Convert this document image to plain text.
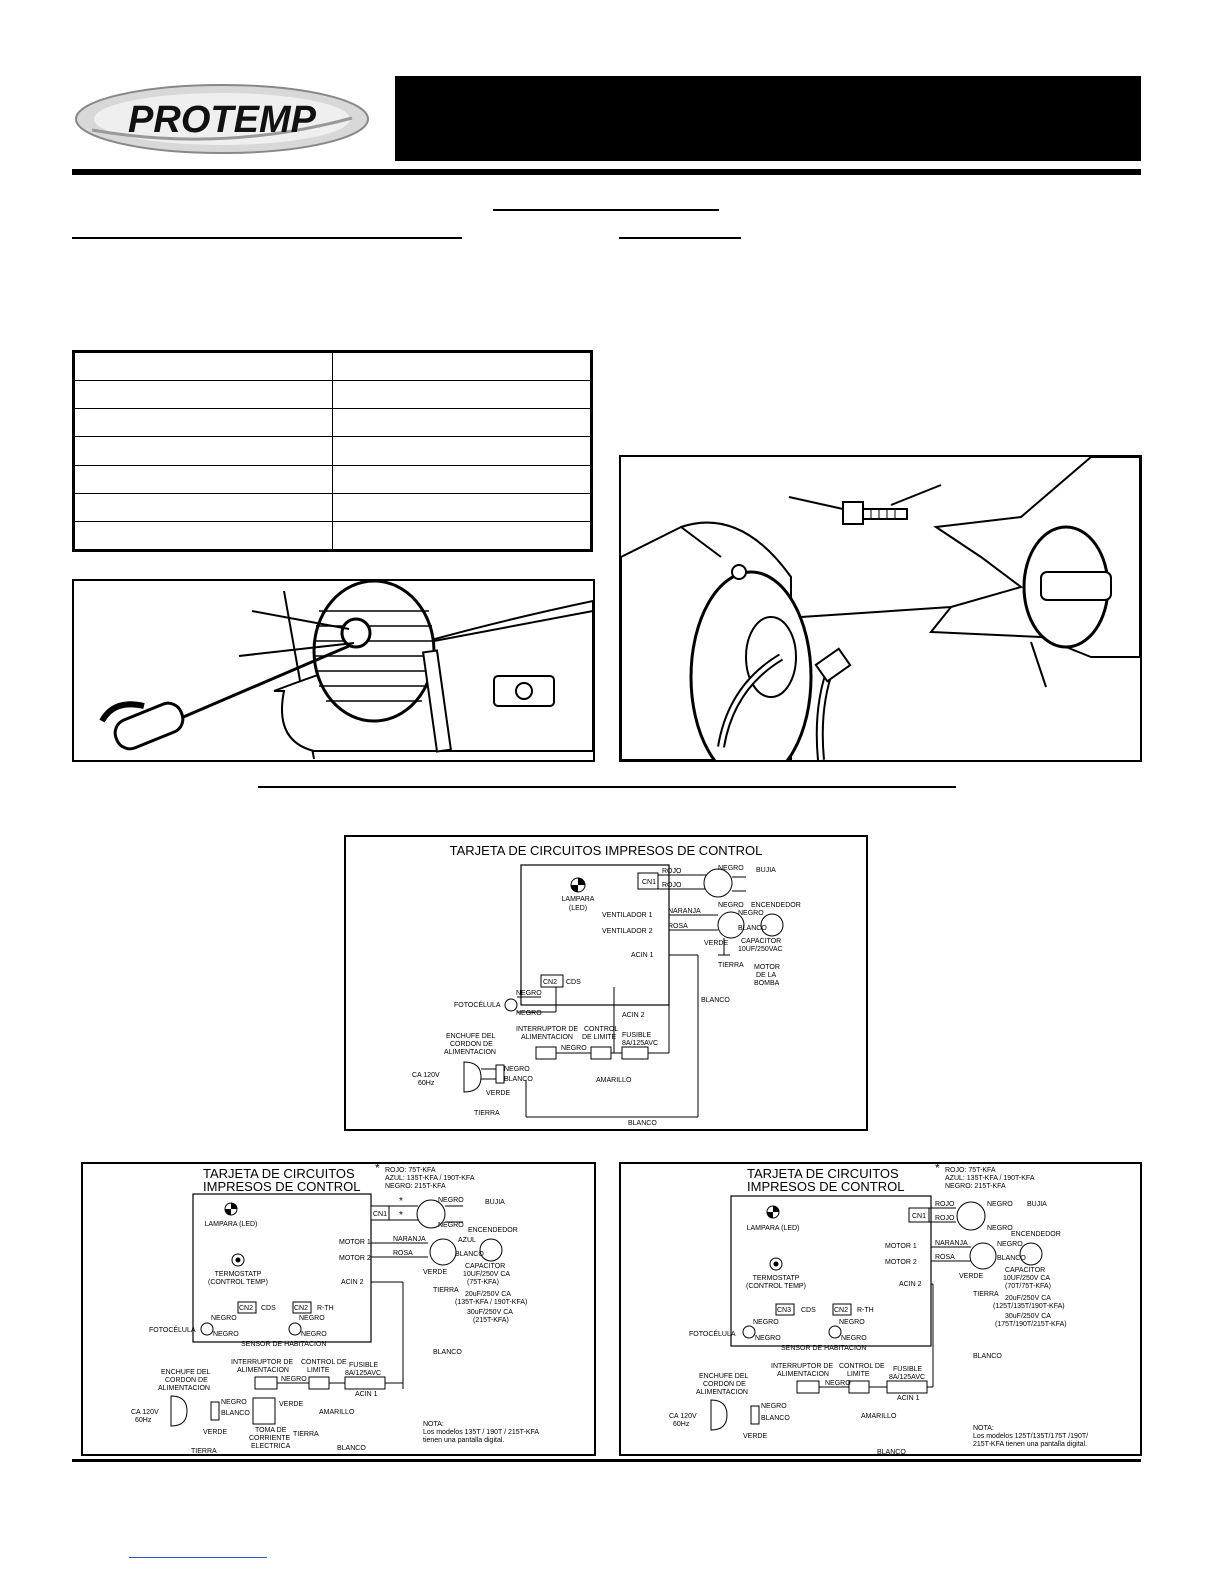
PROTEMP

TARJETA DE CIRCUITOS IMPRESOS DE CONTROL
CN1
LAMPARA
(LED)
ROJO
ROJO
NEGRO
NEGRO
BUJIA
ENCENDEDOR
VENTILADOR 1
VENTILADOR 2
NARANJA
ROSA
NEGRO
BLANCO
VERDE CAPACITOR
10UF/250VAC
TIERRA MOTOR
DE LA
BOMBA
ACIN 1
BLANCO
CN2 CDS
NEGRO
NEGRO
FOTOCÉLULA
ENCHUFE DEL
CORDON DE
ALIMENTACION
INTERRUPTOR DE
ALIMENTACION
CONTROL
DE LIMITE
ACIN 2
FUSIBLE
8A/125AVC
NEGRO
AMARILLO
CA 120V
60Hz
NEGRO
BLANCO
VERDE
TIERRA
BLANCO
TARJETA DE CIRCUITOS
IMPRESOS DE CONTROL
* ROJO: 75T-KFA
AZUL: 135T-KFA / 190T-KFA
NEGRO: 215T-KFA
CN1
LAMPARA (LED)
TERMOSTATP
(CONTROL TEMP)
*
*
NEGRO
NEGRO
BUJIA
ENCENDEDOR
MOTOR 1
MOTOR 2
NARANJA
ROSA
AZUL
BLANCO
VERDE
CAPACITOR
10UF/250V CA
(75T-KFA)
ACIN 2
TIERRA
20uF/250V CA
(135T-KFA / 190T-KFA)
30uF/250V CA
(215T-KFA)
CN2 CDS	CN2 R-TH
NEGRO
NEGRO
NEGRO
NEGRO
FOTOCÉLULA
SENSOR DE HABITACION
BLANCO
ENCHUFE DEL
CORDON DE
ALIMENTACION
INTERRUPTOR DE
ALIMENTACION
CONTROL DE
LIMITE
FUSIBLE
8A/125AVC
NEGRO
ACIN 1
CA 120V
60Hz
NEGRO
BLANCO
VERDE
TIERRA
VERDE
TOMA DE
CORRIENTE
ELECTRICA
AMARILLO
TIERRA
BLANCO
NOTA:
Los modelos 135T / 190T / 215T-KFA
tienen una pantalla digital.
TARJETA DE CIRCUITOS
IMPRESOS DE CONTROL
* ROJO: 75T-KFA
AZUL: 135T-KFA / 190T-KFA
NEGRO: 215T-KFA
CN1
LAMPARA (LED)
TERMOSTATP
(CONTROL TEMP)
ROJO
ROJO
NEGRO
NEGRO
BUJIA
ENCENDEDOR
MOTOR 1
MOTOR 2
NARANJA
ROSA
NEGRO
BLANCO
VERDE
CAPACITOR
10UF/250V CA
(70T/75T-KFA)
ACIN 2
TIERRA
20uF/250V CA
(125T/135T/190T-KFA)
30uF/250V CA
(175T/190T/215T-KFA)
CN3 CDS	CN2 R-TH
NEGRO
NEGRO
NEGRO
NEGRO
FOTOCÉLULA
SENSOR DE HABITACION
BLANCO
ENCHUFE DEL
CORDON DE
ALIMENTACION
INTERRUPTOR DE
ALIMENTACION
CONTROL DE
LIMITE
FUSIBLE
8A/125AVC
NEGRO
ACIN 1
CA 120V
60Hz
NEGRO
BLANCO
VERDE
AMARILLO
BLANCO
NOTA:
Los modelos 125T/135T/175T /190T/
215T-KFA tienen una pantalla digital.
